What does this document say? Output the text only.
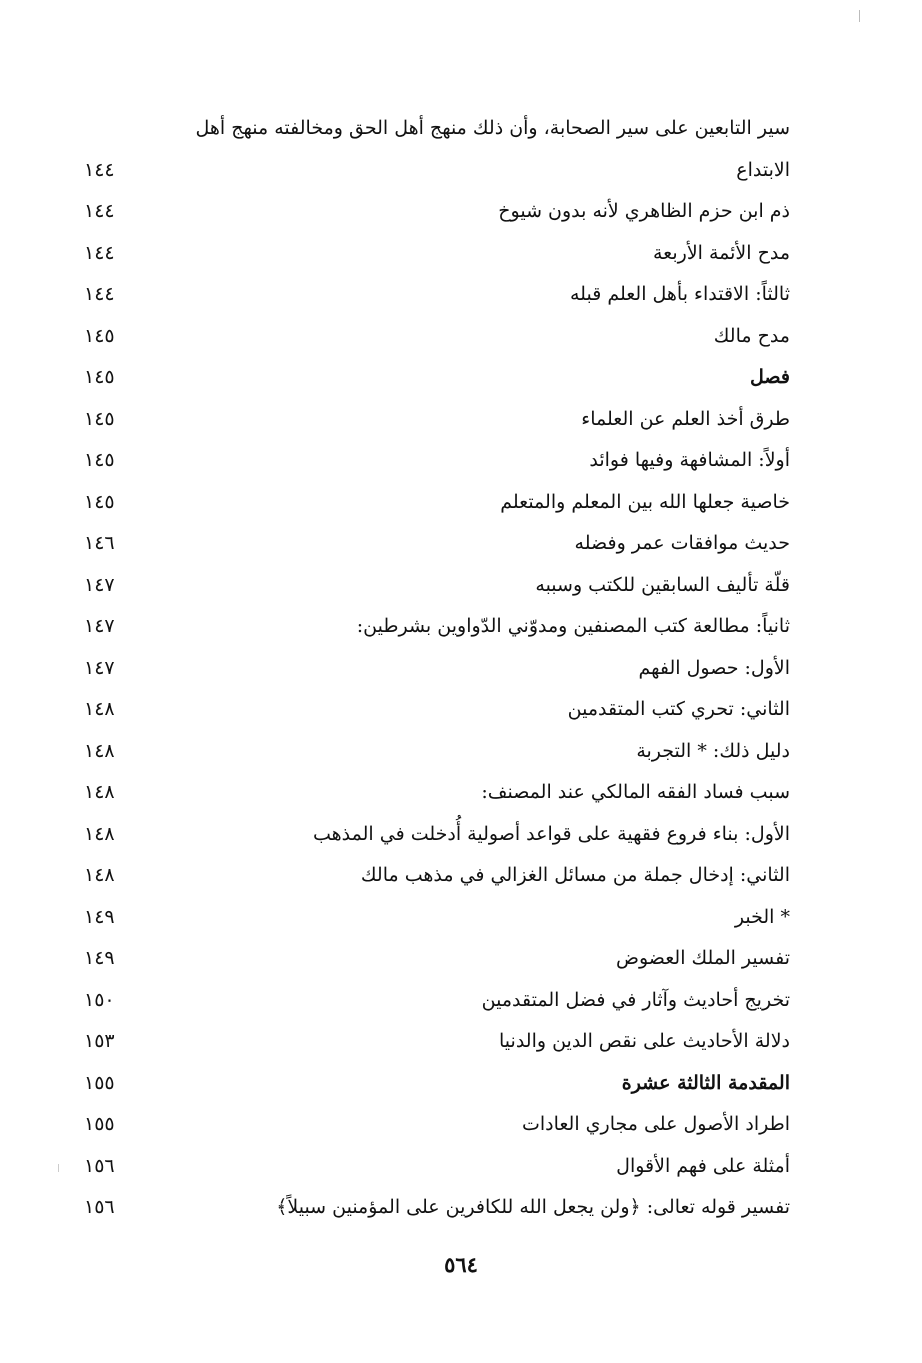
سير التابعين على سير الصحابة، وأن ذلك منهج أهل الحق ومخالفته منهج أهل
الابتداع
١٤٤
ذم ابن حزم الظاهري لأنه بدون شيوخ
١٤٤
مدح الأئمة الأربعة
١٤٤
ثالثاً: الاقتداء بأهل العلم قبله
١٤٤
مدح مالك
١٤٥
فصل
١٤٥
طرق أخذ العلم عن العلماء
١٤٥
أولاً: المشافهة وفيها فوائد
١٤٥
خاصية جعلها الله بين المعلم والمتعلم
١٤٥
حديث موافقات عمر وفضله
١٤٦
قلّة تأليف السابقين للكتب وسببه
١٤٧
ثانياً: مطالعة كتب المصنفين ومدوّني الدّواوين بشرطين:
١٤٧
الأول: حصول الفهم
١٤٧
الثاني: تحري كتب المتقدمين
١٤٨
دليل ذلك: * التجربة
١٤٨
سبب فساد الفقه المالكي عند المصنف:
١٤٨
الأول: بناء فروع فقهية على قواعد أصولية أُدخلت في المذهب
١٤٨
الثاني: إدخال جملة من مسائل الغزالي في مذهب مالك
١٤٨
* الخبر
١٤٩
تفسير الملك العضوض
١٤٩
تخريج أحاديث وآثار في فضل المتقدمين
١٥٠
دلالة الأحاديث على نقص الدين والدنيا
١٥٣
المقدمة الثالثة عشرة
١٥٥
اطراد الأصول على مجاري العادات
١٥٥
أمثلة على فهم الأقوال
١٥٦
تفسير قوله تعالى: ﴿ولن يجعل الله للكافرين على المؤمنين سبيلاً﴾
١٥٦
٥٦٤
